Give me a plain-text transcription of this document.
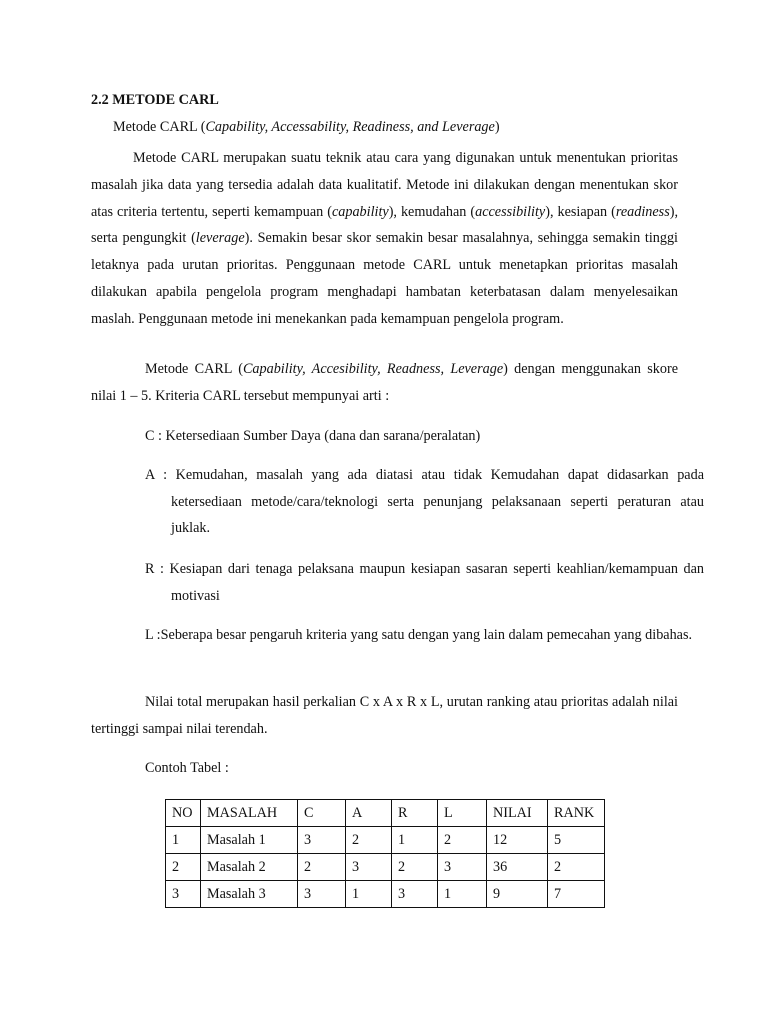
2.2 METODE CARL
Metode CARL (Capability, Accessability, Readiness, and Leverage)

Metode CARL merupakan suatu teknik atau cara yang digunakan untuk menentukan prioritas masalah jika data yang tersedia adalah data kualitatif. Metode ini dilakukan dengan menentukan skor atas criteria tertentu, seperti kemampuan (capability), kemudahan (accessibility), kesiapan (readiness), serta pengungkit (leverage). Semakin besar skor semakin besar masalahnya, sehingga semakin tinggi letaknya pada urutan prioritas. Penggunaan metode CARL untuk menetapkan prioritas masalah dilakukan apabila pengelola program menghadapi hambatan keterbatasan dalam menyelesaikan maslah. Penggunaan metode ini menekankan pada kemampuan pengelola program.

Metode CARL (Capability, Accesibility, Readness, Leverage) dengan menggunakan skore nilai 1 – 5. Kriteria CARL tersebut mempunyai arti :

C : Ketersediaan Sumber Daya (dana dan sarana/peralatan)

A : Kemudahan, masalah yang ada diatasi atau tidak Kemudahan dapat didasarkan pada ketersediaan metode/cara/teknologi serta penunjang pelaksanaan seperti peraturan atau juklak.

R : Kesiapan dari tenaga pelaksana maupun kesiapan sasaran seperti keahlian/kemampuan dan motivasi

L :Seberapa besar pengaruh kriteria yang satu dengan yang lain dalam pemecahan yang dibahas.

Nilai total merupakan hasil perkalian C x A x R x L, urutan ranking atau prioritas adalah nilai tertinggi sampai nilai terendah.

Contoh Tabel :
NO	MASALAH	C	A	R	L	NILAI	RANK
1	Masalah 1	3	2	1	2	12	5
2	Masalah 2	2	3	2	3	36	2
3	Masalah 3	3	1	3	1	9	7
